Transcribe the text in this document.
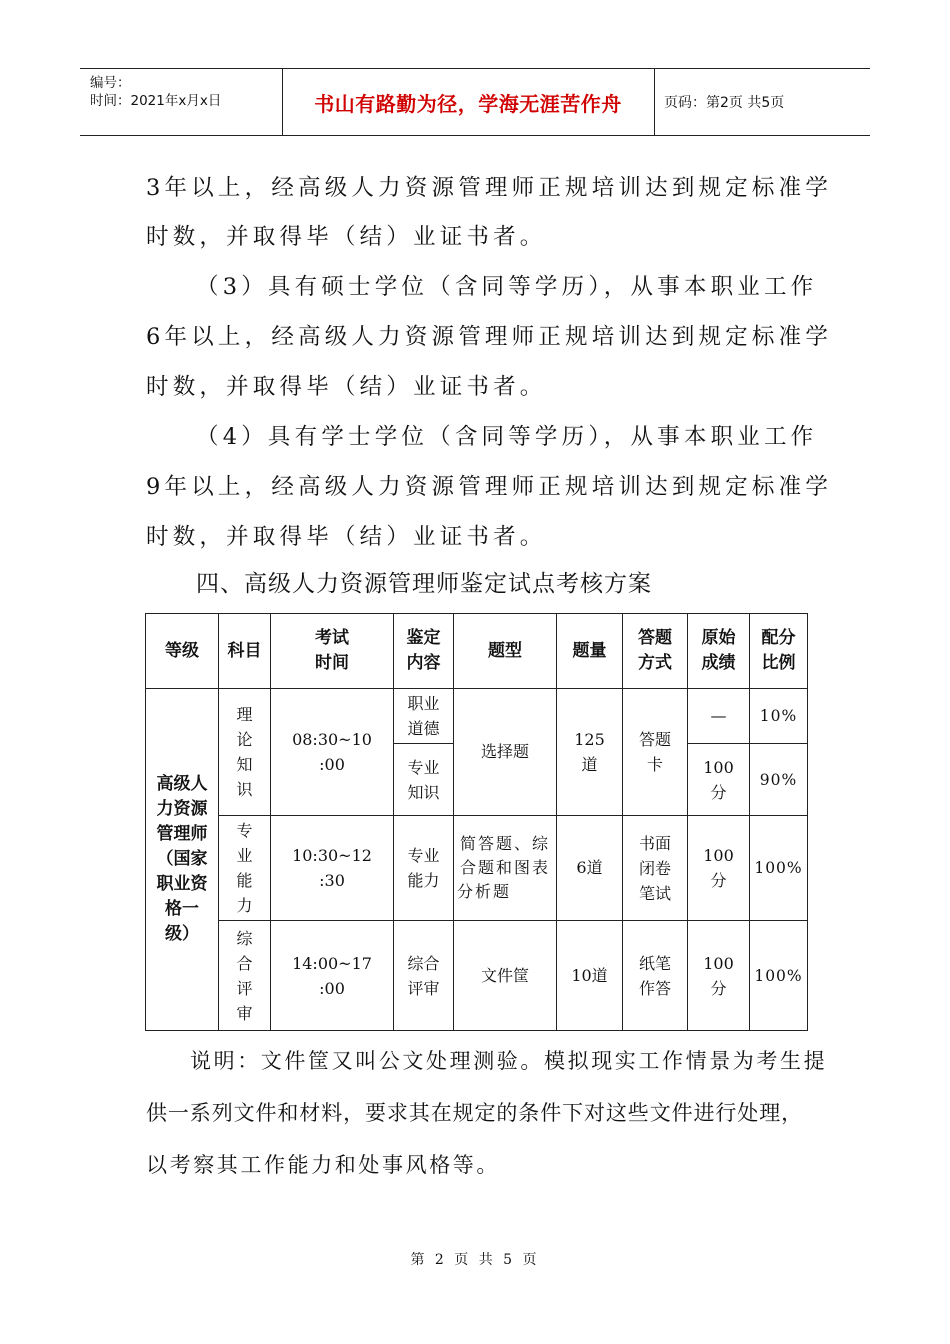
编号：
时间：2021年x月x日	书山有路勤为径，学海无涯苦作舟	页码：第2页 共5页
3年以上，经高级人力资源管理师正规培训达到规定标准学
时数，并取得毕（结）业证书者。
（3）具有硕士学位（含同等学历），从事本职业工作
6年以上，经高级人力资源管理师正规培训达到规定标准学
时数，并取得毕（结）业证书者。
（4）具有学士学位（含同等学历），从事本职业工作
9年以上，经高级人力资源管理师正规培训达到规定标准学
时数，并取得毕（结）业证书者。
四、高级人力资源管理师鉴定试点考核方案
等级	科目	考试时间	鉴定内容	题型	题量	答题方式	原始成绩	配分比例
高级人力资源管理师（国家职业资格一级）	理论知识	08:30~10:00	职业道德	选择题	125道	答题卡	—	10%
			专业知识				100分	90%
	专业能力	10:30~12:30	专业能力	简答题、综合题和图表分析题	6道	书面闭卷笔试	100分	100%
	综合评审	14:00~17:00	综合评审	文件筐	10道	纸笔作答	100分	100%
说明：文件筐又叫公文处理测验。模拟现实工作情景为考生提
供一系列文件和材料，要求其在规定的条件下对这些文件进行处理，
以考察其工作能力和处事风格等。
第 2 页 共 5 页
